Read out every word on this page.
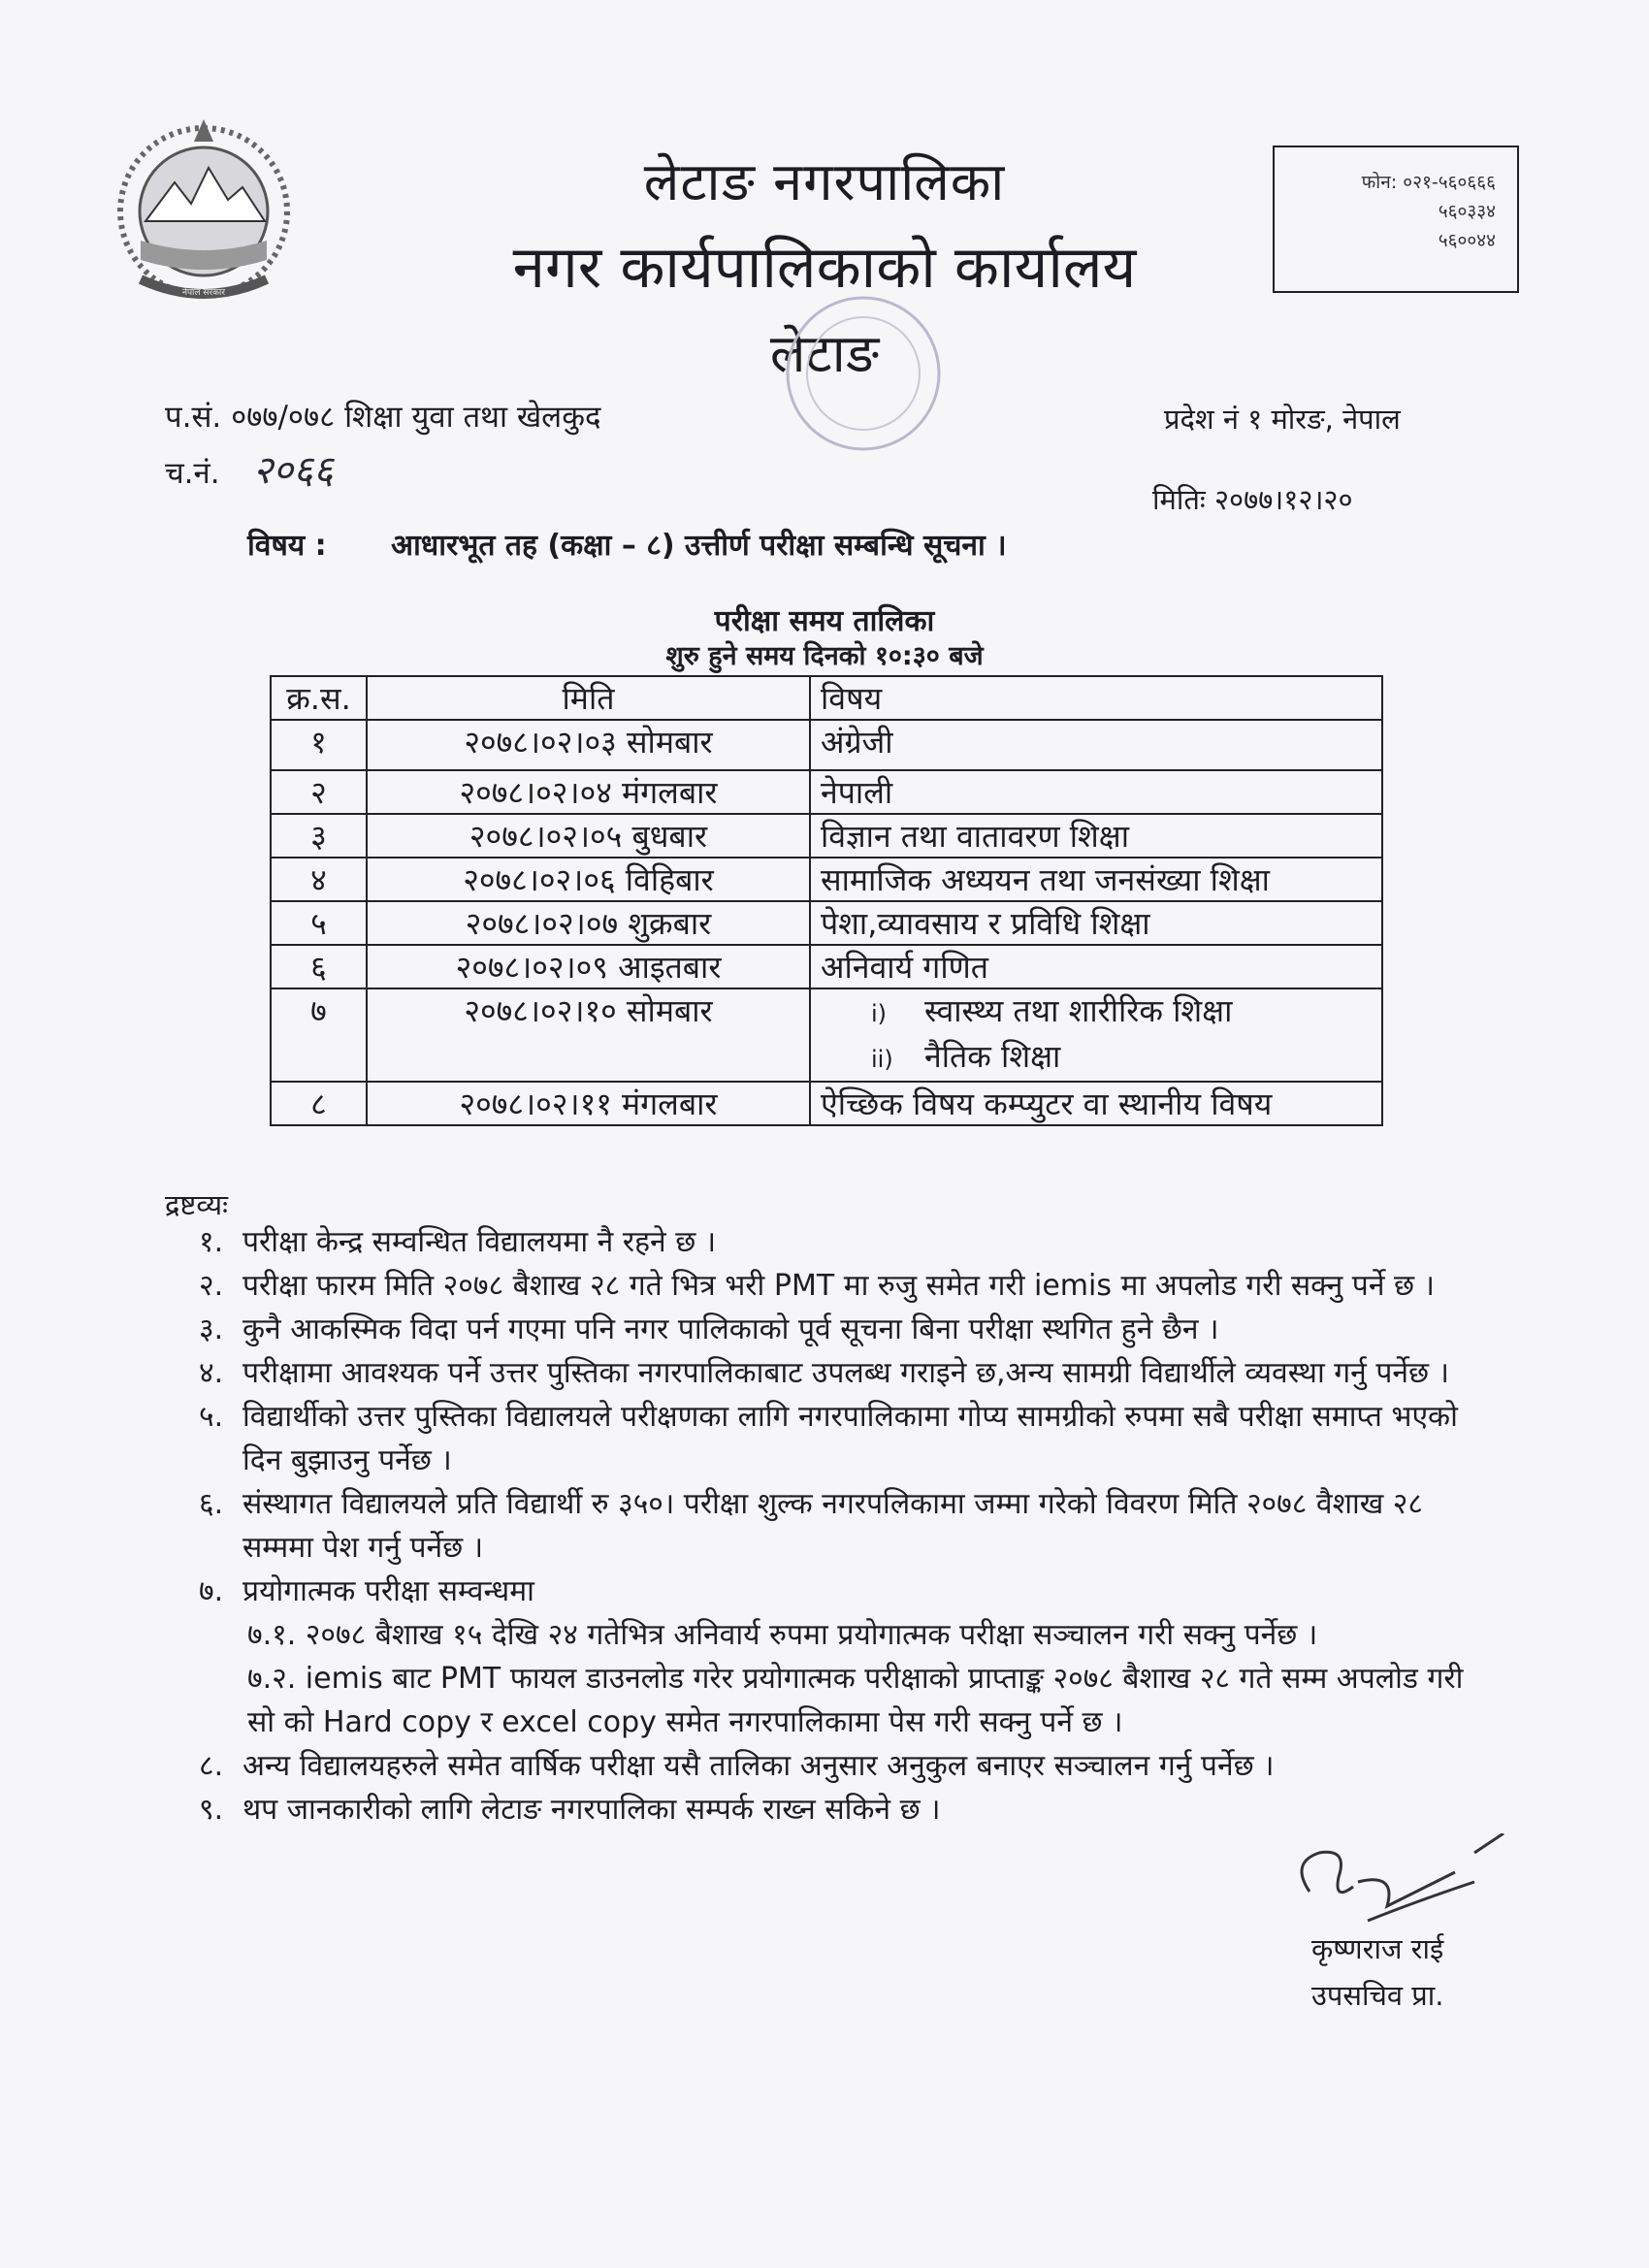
नेपाल सरकार
लेटाङ नगरपालिका
नगर कार्यपालिकाको कार्यालय
लेटाङ
फोन: ०२१-५६०६६६
५६०३३४
५६००४४
प.सं. ०७७/०७८ शिक्षा युवा तथा खेलकुद
च.नं. २०६६
प्रदेश नं १ मोरङ, नेपाल
मितिः २०७७।१२।२०
विषय : आधारभूत तह (कक्षा – ८) उत्तीर्ण परीक्षा सम्बन्धि सूचना ।
परीक्षा समय तालिका
शुरु हुने समय दिनको १०:३० बजे
क्र.स.	मिति	विषय
१	२०७८।०२।०३ सोमबार	अंग्रेजी
२	२०७८।०२।०४ मंगलबार	नेपाली
३	२०७८।०२।०५ बुधबार	विज्ञान तथा वातावरण शिक्षा
४	२०७८।०२।०६ विहिबार	सामाजिक अध्ययन तथा जनसंख्या शिक्षा
५	२०७८।०२।०७ शुक्रबार	पेशा,व्यावसाय र प्रविधि शिक्षा
६	२०७८।०२।०९ आइतबार	अनिवार्य गणित
७	२०७८।०२।१० सोमबार	i) स्वास्थ्य तथा शारीरिक शिक्षा
ii) नैतिक शिक्षा

८	२०७८।०२।११ मंगलबार	ऐच्छिक विषय कम्प्युटर वा स्थानीय विषय
द्रष्टव्यः
१. परीक्षा केन्द्र सम्वन्धित विद्यालयमा नै रहने छ ।
२. परीक्षा फारम मिति २०७८ बैशाख २८ गते भित्र भरी PMT मा रुजु समेत गरी iemis मा अपलोड गरी सक्नु पर्ने छ ।
३. कुनै आकस्मिक विदा पर्न गएमा पनि नगर पालिकाको पूर्व सूचना बिना परीक्षा स्थगित हुने छैन ।
४. परीक्षामा आवश्यक पर्ने उत्तर पुस्तिका नगरपालिकाबाट उपलब्ध गराइने छ,अन्य सामग्री विद्यार्थीले व्यवस्था गर्नु पर्नेछ ।
५. विद्यार्थीको उत्तर पुस्तिका विद्यालयले परीक्षणका लागि नगरपालिकामा गोप्य सामग्रीको रुपमा सबै परीक्षा समाप्त भएको दिन बुझाउनु पर्नेछ ।
६. संस्थागत विद्यालयले प्रति विद्यार्थी रु ३५०। परीक्षा शुल्क नगरपलिकामा जम्मा गरेको विवरण मिति २०७८ वैशाख २८ सम्ममा पेश गर्नु पर्नेछ ।
७. प्रयोगात्मक परीक्षा सम्वन्धमा
७.१. २०७८ बैशाख १५ देखि २४ गतेभित्र अनिवार्य रुपमा प्रयोगात्मक परीक्षा सञ्चालन गरी सक्नु पर्नेछ ।
७.२. iemis बाट PMT फायल डाउनलोड गरेर प्रयोगात्मक परीक्षाको प्राप्ताङ्क २०७८ बैशाख २८ गते सम्म अपलोड गरी सो को Hard copy र excel copy समेत नगरपालिकामा पेस गरी सक्नु पर्ने छ ।
८. अन्य विद्यालयहरुले समेत वार्षिक परीक्षा यसै तालिका अनुसार अनुकुल बनाएर सञ्चालन गर्नु पर्नेछ ।
९. थप जानकारीको लागि लेटाङ नगरपालिका सम्पर्क राख्न सकिने छ ।
कृष्णराज राई
उपसचिव प्रा.
